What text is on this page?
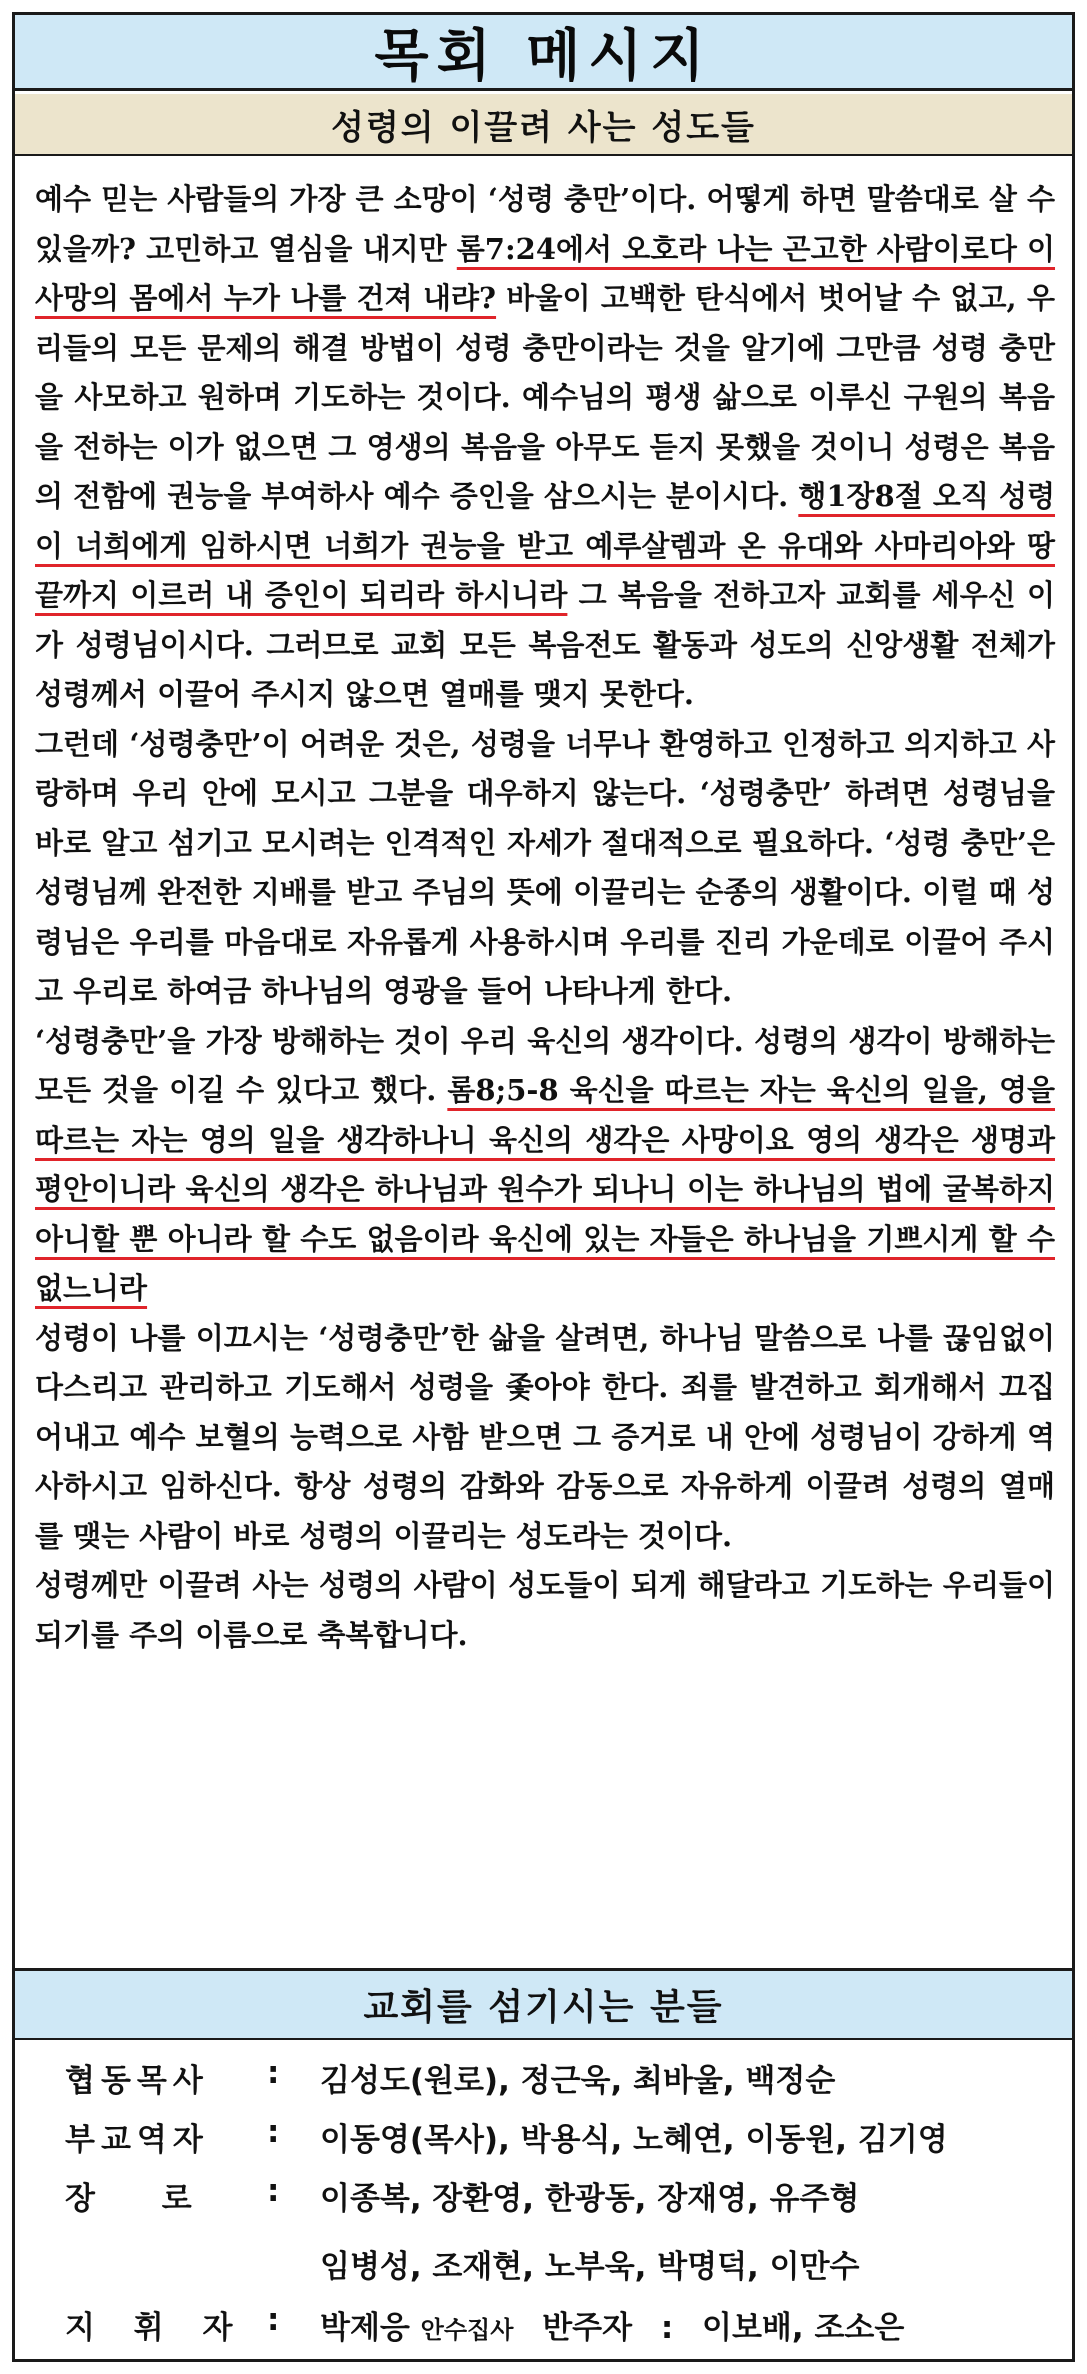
목회 메시지
성령의 이끌려 사는 성도들

예수 믿는 사람들의 가장 큰 소망이 ‘성령 충만’이다. 어떻게 하면 말씀대로 살 수 있을까? 고민하고 열심을 내지만 롬7:24에서 오호라 나는 곤고한 사람이로다 이 사망의 몸에서 누가 나를 건져 내랴? 바울이 고백한 탄식에서 벗어날 수 없고, 우리들의 모든 문제의 해결 방법이 성령 충만이라는 것을 알기에 그만큼 성령 충만을 사모하고 원하며 기도하는 것이다. 예수님의 평생 삶으로 이루신 구원의 복음을 전하는 이가 없으면 그 영생의 복음을 아무도 듣지 못했을 것이니 성령은 복음의 전함에 권능을 부여하사 예수 증인을 삼으시는 분이시다. 행1장8절 오직 성령이 너희에게 임하시면 너희가 권능을 받고 예루살렘과 온 유대와 사마리아와 땅 끝까지 이르러 내 증인이 되리라 하시니라 그 복음을 전하고자 교회를 세우신 이가 성령님이시다. 그러므로 교회 모든 복음전도 활동과 성도의 신앙생활 전체가 성령께서 이끌어 주시지 않으면 열매를 맺지 못한다.

그런데 ‘성령충만’이 어려운 것은, 성령을 너무나 환영하고 인정하고 의지하고 사랑하며 우리 안에 모시고 그분을 대우하지 않는다. ‘성령충만’ 하려면 성령님을 바로 알고 섬기고 모시려는 인격적인 자세가 절대적으로 필요하다. ‘성령 충만’은 성령님께 완전한 지배를 받고 주님의 뜻에 이끌리는 순종의 생활이다. 이럴 때 성령님은 우리를 마음대로 자유롭게 사용하시며 우리를 진리 가운데로 이끌어 주시고 우리로 하여금 하나님의 영광을 들어 나타나게 한다.

‘성령충만’을 가장 방해하는 것이 우리 육신의 생각이다. 성령의 생각이 방해하는 모든 것을 이길 수 있다고 했다. 롬8;5-8 육신을 따르는 자는 육신의 일을, 영을 따르는 자는 영의 일을 생각하나니 육신의 생각은 사망이요 영의 생각은 생명과 평안이니라 육신의 생각은 하나님과 원수가 되나니 이는 하나님의 법에 굴복하지 아니할 뿐 아니라 할 수도 없음이라 육신에 있는 자들은 하나님을 기쁘시게 할 수 없느니라

성령이 나를 이끄시는 ‘성령충만’한 삶을 살려면, 하나님 말씀으로 나를 끊임없이 다스리고 관리하고 기도해서 성령을 좇아야 한다. 죄를 발견하고 회개해서 끄집어내고 예수 보혈의 능력으로 사함 받으면 그 증거로 내 안에 성령님이 강하게 역사하시고 임하신다. 항상 성령의 감화와 감동으로 자유하게 이끌려 성령의 열매를 맺는 사람이 바로 성령의 이끌리는 성도라는 것이다.

성령께만 이끌려 사는 성령의 사람이 성도들이 되게 해달라고 기도하는 우리들이 되기를 주의 이름으로 축복합니다.

교회를 섬기시는 분들
협동목사	: 김성도(원로), 정근욱, 최바울, 백정순
부교역자	: 이동영(목사), 박용식, 노혜연, 이동원, 김기영
장 로	: 이종복, 장환영, 한광동, 장재영, 유주형
임병성, 조재현, 노부욱, 박명덕, 이만수
지 휘 자 : 박제응 안수집사 반주자 : 이보배, 조소은
